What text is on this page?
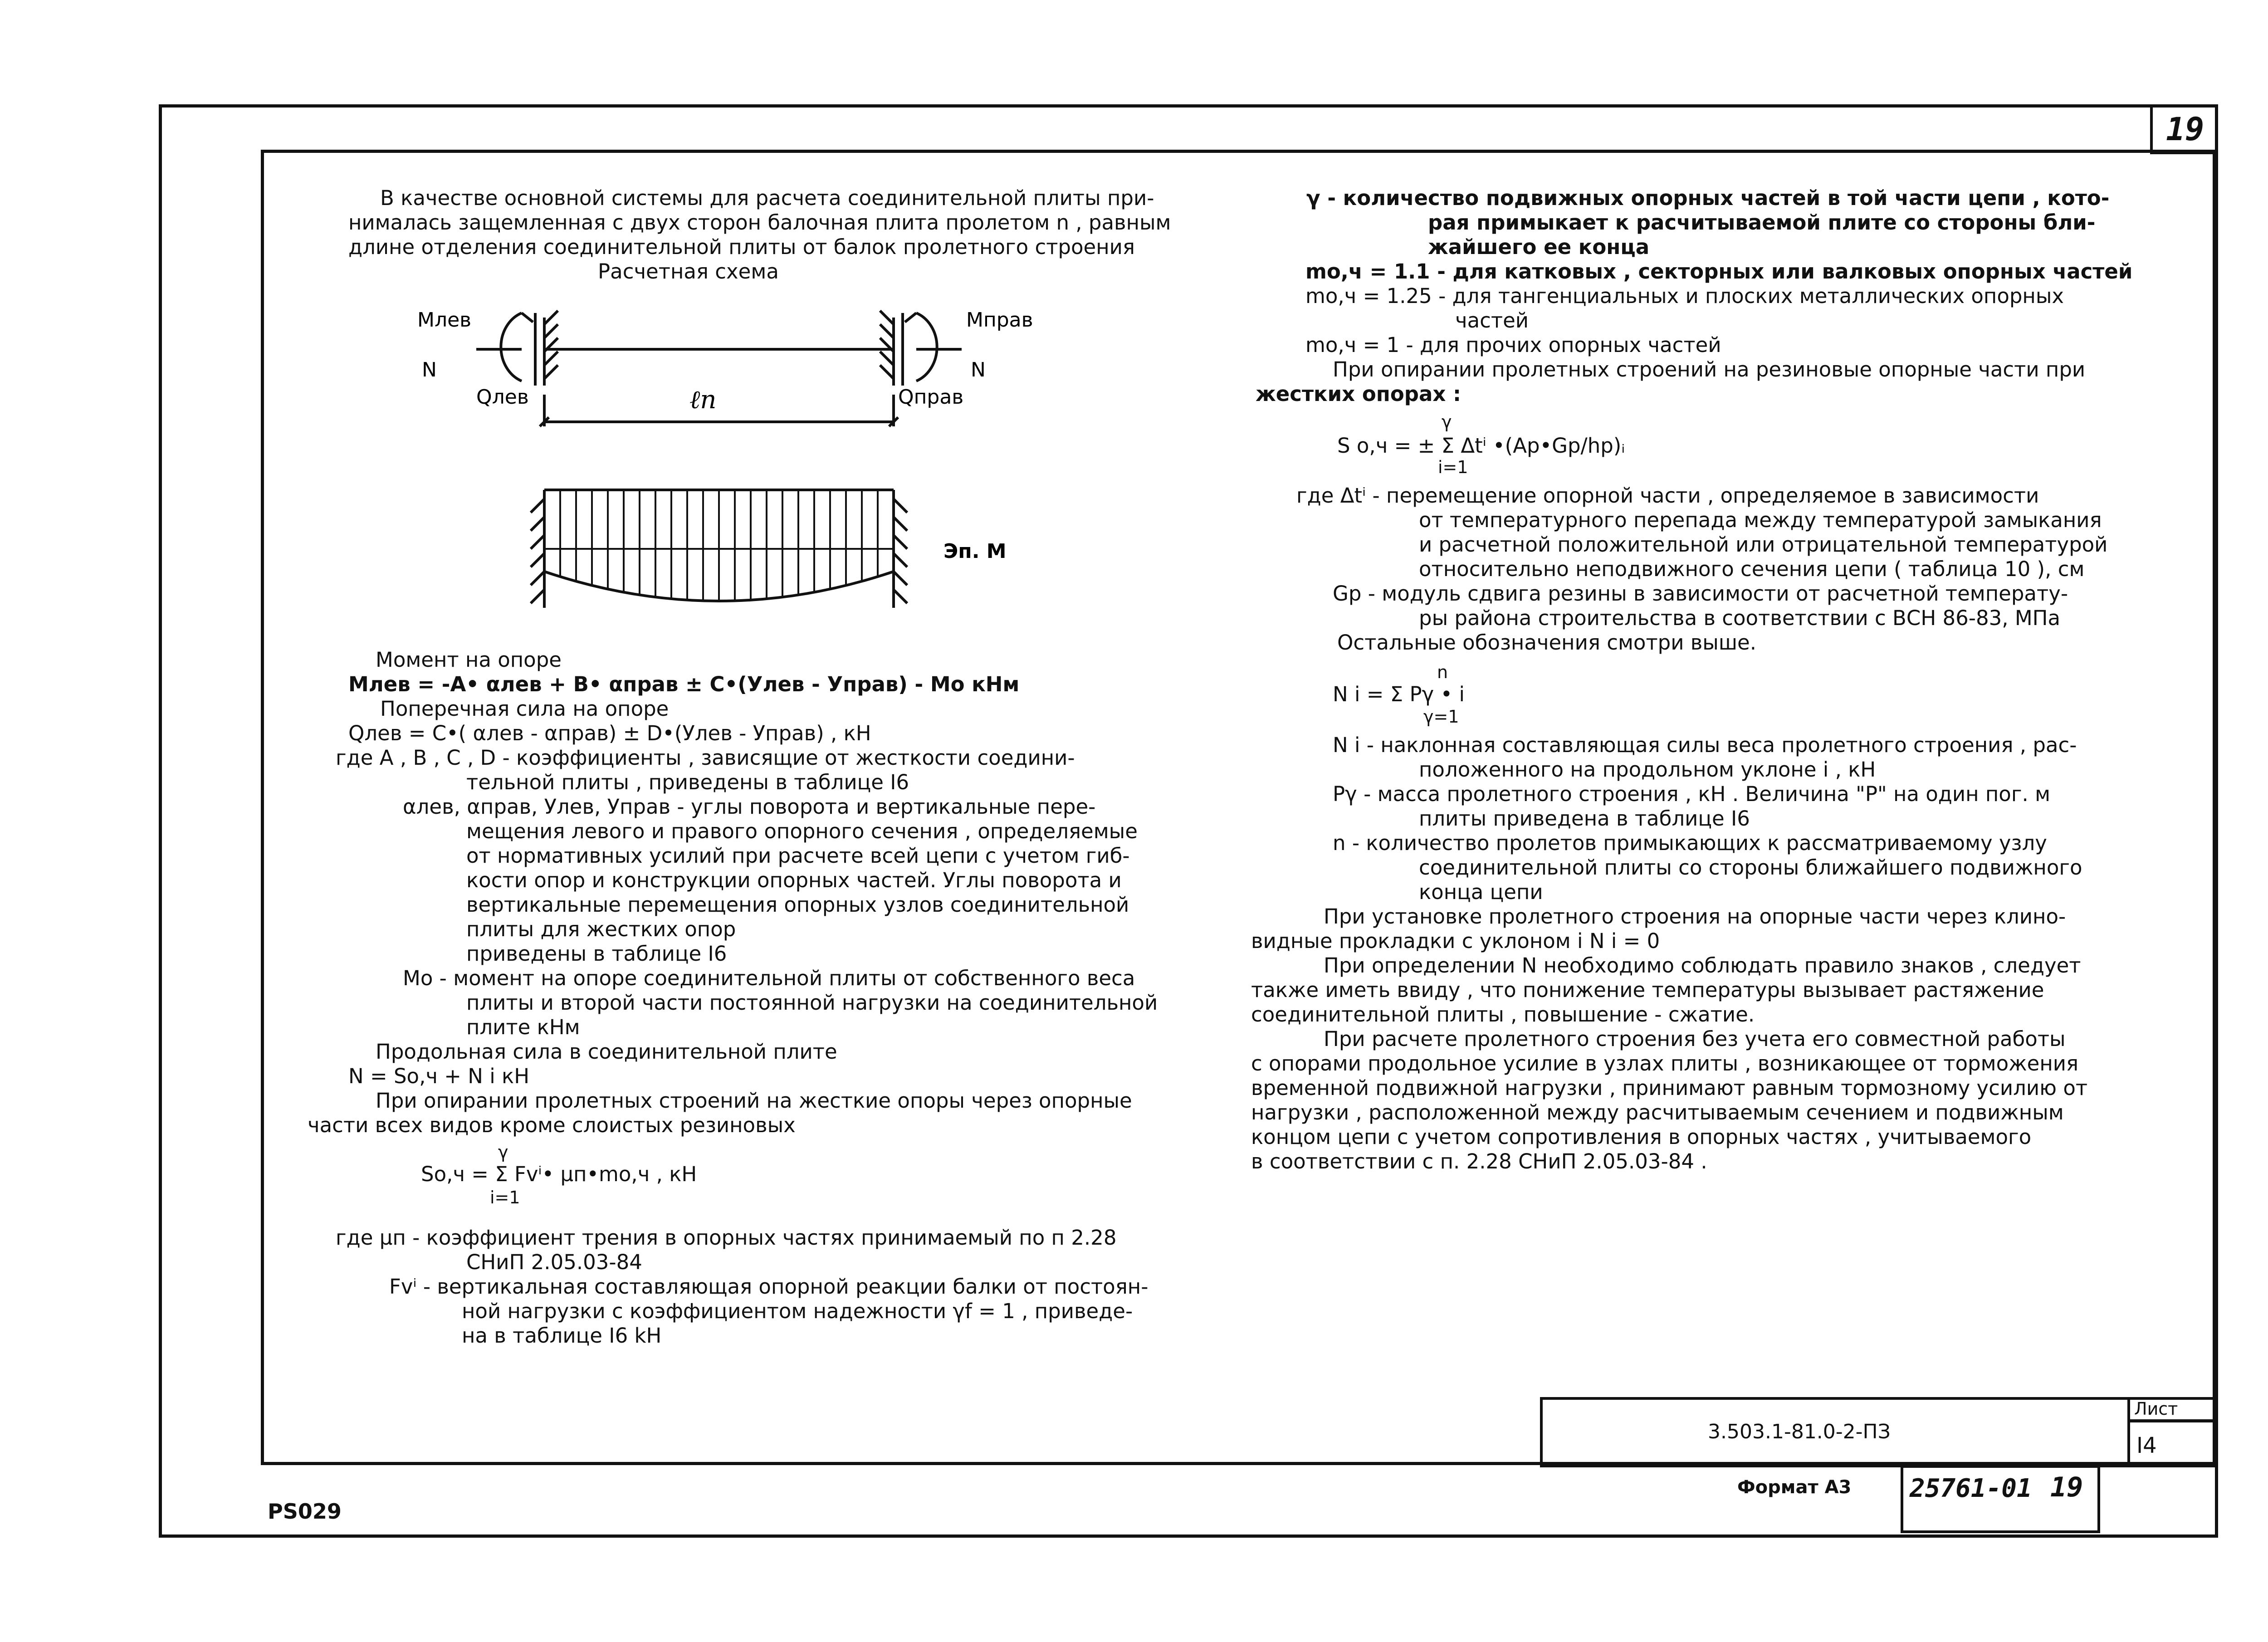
19
В качестве основной системы для расчета соединительной плиты при-
нималась защемленная с двух сторон балочная плита пролетом n , равным
длине отделения соединительной плиты от балок пролетного строения
Расчетная схема
Млев	Мправ
N	N
Qлев	Qправ
ℓп
Эп. М
Момент на опоре
Млев = -А• αлев + В• αправ ± С•(Улев - Управ) - Мо кНм
Поперечная сила на опоре
Qлев = С•( αлев - αправ) ± D•(Улев - Управ) , кН
где А , В , С , D - коэффициенты , зависящие от жесткости соедини-
тельной плиты , приведены в таблице I6
αлев, αправ, Улев, Управ - углы поворота и вертикальные пере-
мещения левого и правого опорного сечения , определяемые
от нормативных усилий при расчете всей цепи с учетом гиб-
кости опор и конструкции опорных частей. Углы поворота и
вертикальные перемещения опорных узлов соединительной
плиты для жестких опор
приведены в таблице I6
Мо - момент на опоре соединительной плиты от собственного веса
плиты и второй части постоянной нагрузки на соединительной
плите кНм
Продольная сила в соединительной плите
N = Sо,ч + N i кН
При опирании пролетных строений на жесткие опоры через опорные
части всех видов кроме слоистых резиновых
γ
Sо,ч = Σ Fvⁱ• μп•mо,ч , кН
i=1
где μп - коэффициент трения в опорных частях принимаемый по п 2.28
СНиП 2.05.03-84
Fvⁱ - вертикальная составляющая опорной реакции балки от постоян-
ной нагрузки с коэффициентом надежности γf = 1 , приведе-
на в таблице I6 kH
γ - количество подвижных опорных частей в той части цепи , кото-
рая примыкает к расчитываемой плите со стороны бли-
жайшего ее конца
mо,ч = 1.1 - для катковых , секторных или валковых опорных частей
mо,ч = 1.25 - для тангенциальных и плоских металлических опорных
частей
mо,ч = 1 - для прочих опорных частей
При опирании пролетных строений на резиновые опорные части при
жестких опорах :
γ
S о,ч = ± Σ Δtⁱ •(Ар•Gр/hр)ᵢ
i=1
где Δtⁱ - перемещение опорной части , определяемое в зависимости
от температурного перепада между температурой замыкания
и расчетной положительной или отрицательной температурой
относительно неподвижного сечения цепи ( таблица 10 ), см
Gр - модуль сдвига резины в зависимости от расчетной температу-
ры района строительства в соответствии с ВСН 86-83, МПа
Остальные обозначения смотри выше.
n
N i = Σ Рγ • i
γ=1
N i - наклонная составляющая силы веса пролетного строения , рас-
положенного на продольном уклоне i , кН
Рγ - масса пролетного строения , кН . Величина "Р" на один пог. м
плиты приведена в таблице I6
n - количество пролетов примыкающих к рассматриваемому узлу
соединительной плиты со стороны ближайшего подвижного
конца цепи
При установке пролетного строения на опорные части через клино-
видные прокладки с уклоном i N i = 0
При определении N необходимо соблюдать правило знаков , следует
также иметь ввиду , что понижение температуры вызывает растяжение
соединительной плиты , повышение - сжатие.
При расчете пролетного строения без учета его совместной работы
с опорами продольное усилие в узлах плиты , возникающее от торможения
временной подвижной нагрузки , принимают равным тормозному усилию от
нагрузки , расположенной между расчитываемым сечением и подвижным
концом цепи с учетом сопротивления в опорных частях , учитываемого
в соответствии с п. 2.28 СНиП 2.05.03-84 .
3.503.1-81.0-2-ПЗ
Лист
I4
Формат А3 25761-01 19
PS029
